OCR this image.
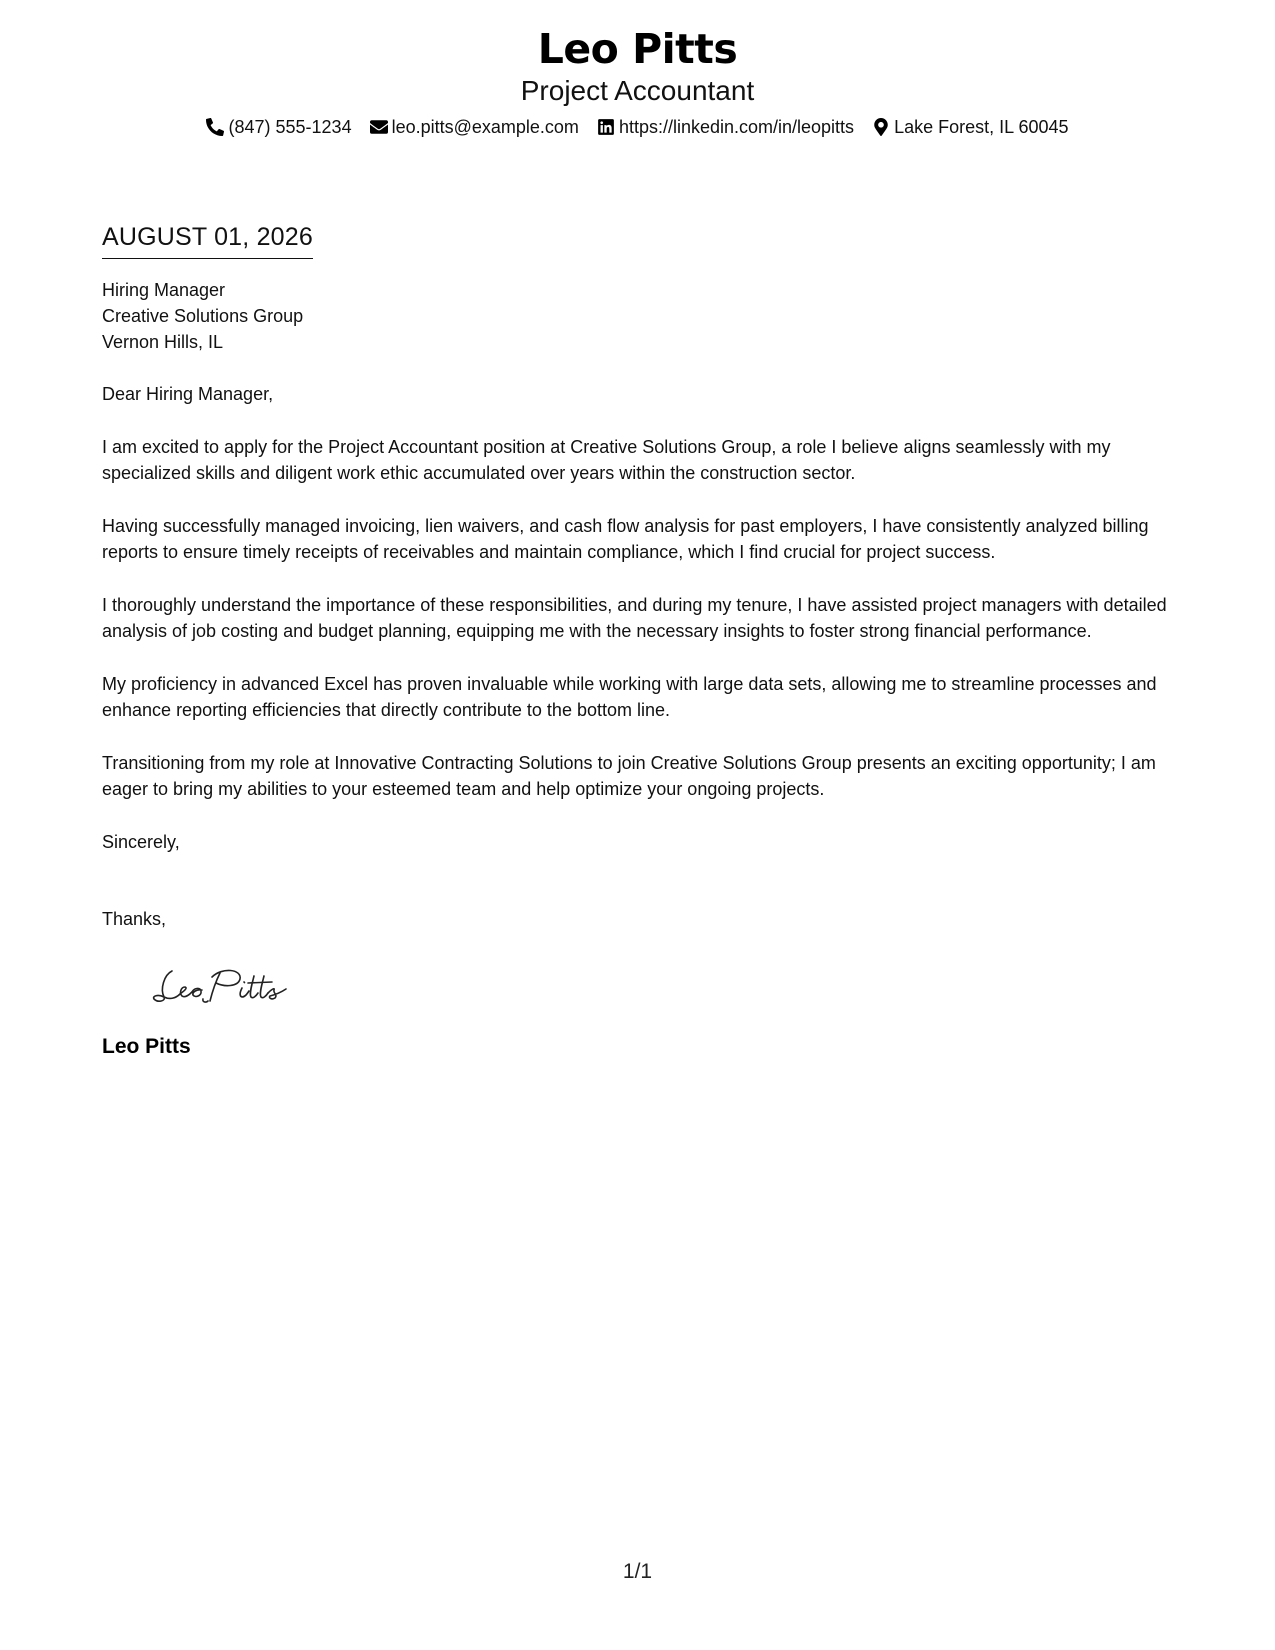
Leo Pitts
Project Accountant
(847) 555-1234 leo.pitts@example.com https://linkedin.com/in/leopitts Lake Forest, IL 60045
AUGUST 01, 2026
Hiring Manager
Creative Solutions Group
Vernon Hills, IL
Dear Hiring Manager,

I am excited to apply for the Project Accountant position at Creative Solutions Group, a role I believe aligns seamlessly with my specialized skills and diligent work ethic accumulated over years within the construction sector.

Having successfully managed invoicing, lien waivers, and cash flow analysis for past employers, I have consistently analyzed billing reports to ensure timely receipts of receivables and maintain compliance, which I find crucial for project success.

I thoroughly understand the importance of these responsibilities, and during my tenure, I have assisted project managers with detailed analysis of job costing and budget planning, equipping me with the necessary insights to foster strong financial performance.

My proficiency in advanced Excel has proven invaluable while working with large data sets, allowing me to streamline processes and enhance reporting efficiencies that directly contribute to the bottom line.

Transitioning from my role at Innovative Contracting Solutions to join Creative Solutions Group presents an exciting opportunity; I am eager to bring my abilities to your esteemed team and help optimize your ongoing projects.

Sincerely,
Thanks,
Leo Pitts
1/1
